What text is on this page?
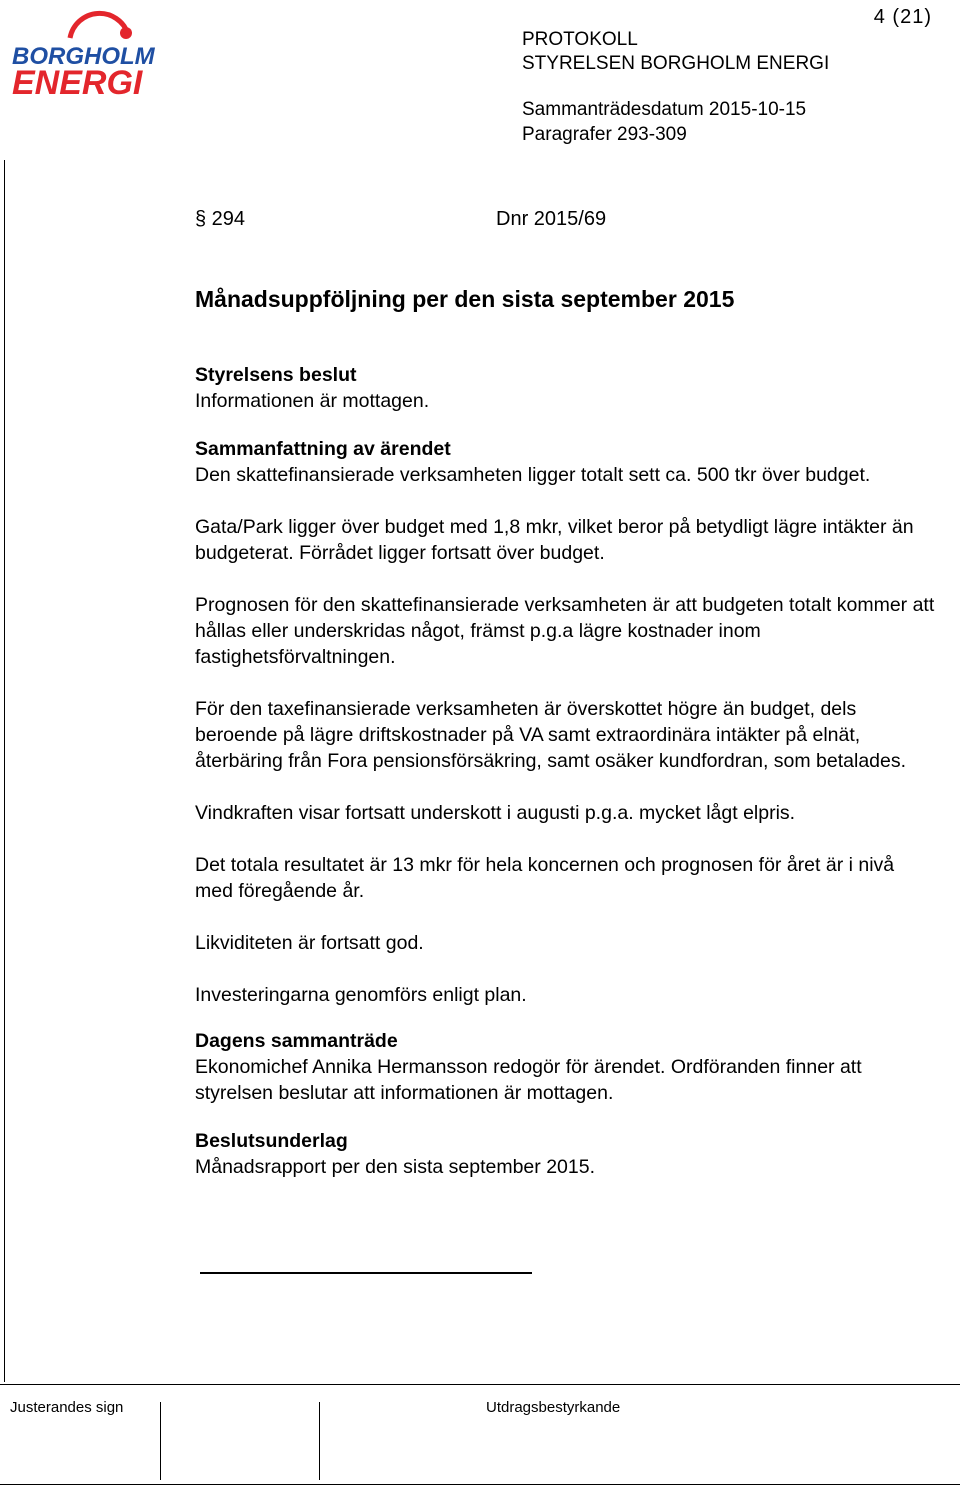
BORGHOLM
ENERGI
4 (21)
PROTOKOLL
STYRELSEN BORGHOLM ENERGI
Sammanträdesdatum 2015-10-15
Paragrafer 293-309
§ 294	Dnr 2015/69
Månadsuppföljning per den sista september 2015
Styrelsens beslut
Informationen är mottagen.
Sammanfattning av ärendet

Den skattefinansierade verksamheten ligger totalt sett ca. 500 tkr över budget.

Gata/Park ligger över budget med 1,8 mkr, vilket beror på betydligt lägre intäkter än budgeterat. Förrådet ligger fortsatt över budget.

Prognosen för den skattefinansierade verksamheten är att budgeten totalt kommer att hållas eller underskridas något, främst p.g.a lägre kostnader inom fastighetsförvaltningen.

För den taxefinansierade verksamheten är överskottet högre än budget, dels beroende på lägre driftskostnader på VA samt extraordinära intäkter på elnät, återbäring från Fora pensionsförsäkring, samt osäker kundfordran, som betalades.

Vindkraften visar fortsatt underskott i augusti p.g.a. mycket lågt elpris.

Det totala resultatet är 13 mkr för hela koncernen och prognosen för året är i nivå med föregående år.

Likviditeten är fortsatt god.

Investeringarna genomförs enligt plan.

Dagens sammanträde
Ekonomichef Annika Hermansson redogör för ärendet. Ordföranden finner att styrelsen beslutar att informationen är mottagen.
Beslutsunderlag
Månadsrapport per den sista september 2015.
Justerandes sign	Utdragsbestyrkande
